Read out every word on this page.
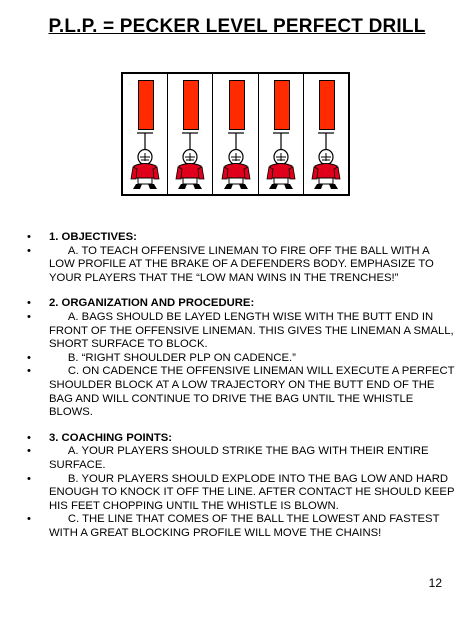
P.L.P. = PECKER LEVEL PERFECT DRILL
•	1. OBJECTIVES:
•	A. TO TEACH OFFENSIVE LINEMAN TO FIRE OFF THE BALL WITH A LOW PROFILE AT THE BRAKE OF A DEFENDERS BODY. EMPHASIZE TO YOUR PLAYERS THAT THE “LOW MAN WINS IN THE TRENCHES!”
•	2. ORGANIZATION AND PROCEDURE:
•	A. BAGS SHOULD BE LAYED LENGTH WISE WITH THE BUTT END IN FRONT OF THE OFFENSIVE LINEMAN. THIS GIVES THE LINEMAN A SMALL, SHORT SURFACE TO BLOCK.
•	B. “RIGHT SHOULDER PLP ON CADENCE.”
•	C. ON CADENCE THE OFFENSIVE LINEMAN WILL EXECUTE A PERFECT SHOULDER BLOCK AT A LOW TRAJECTORY ON THE BUTT END OF THE BAG AND WILL CONTINUE TO DRIVE THE BAG UNTIL THE WHISTLE BLOWS.
•	3. COACHING POINTS:
•	A. YOUR PLAYERS SHOULD STRIKE THE BAG WITH THEIR ENTIRE SURFACE.
•	B. YOUR PLAYERS SHOULD EXPLODE INTO THE BAG LOW AND HARD ENOUGH TO KNOCK IT OFF THE LINE. AFTER CONTACT HE SHOULD KEEP HIS FEET CHOPPING UNTIL THE WHISTLE IS BLOWN.
•	C. THE LINE THAT COMES OF THE BALL THE LOWEST AND FASTEST WITH A GREAT BLOCKING PROFILE WILL MOVE THE CHAINS!
12
